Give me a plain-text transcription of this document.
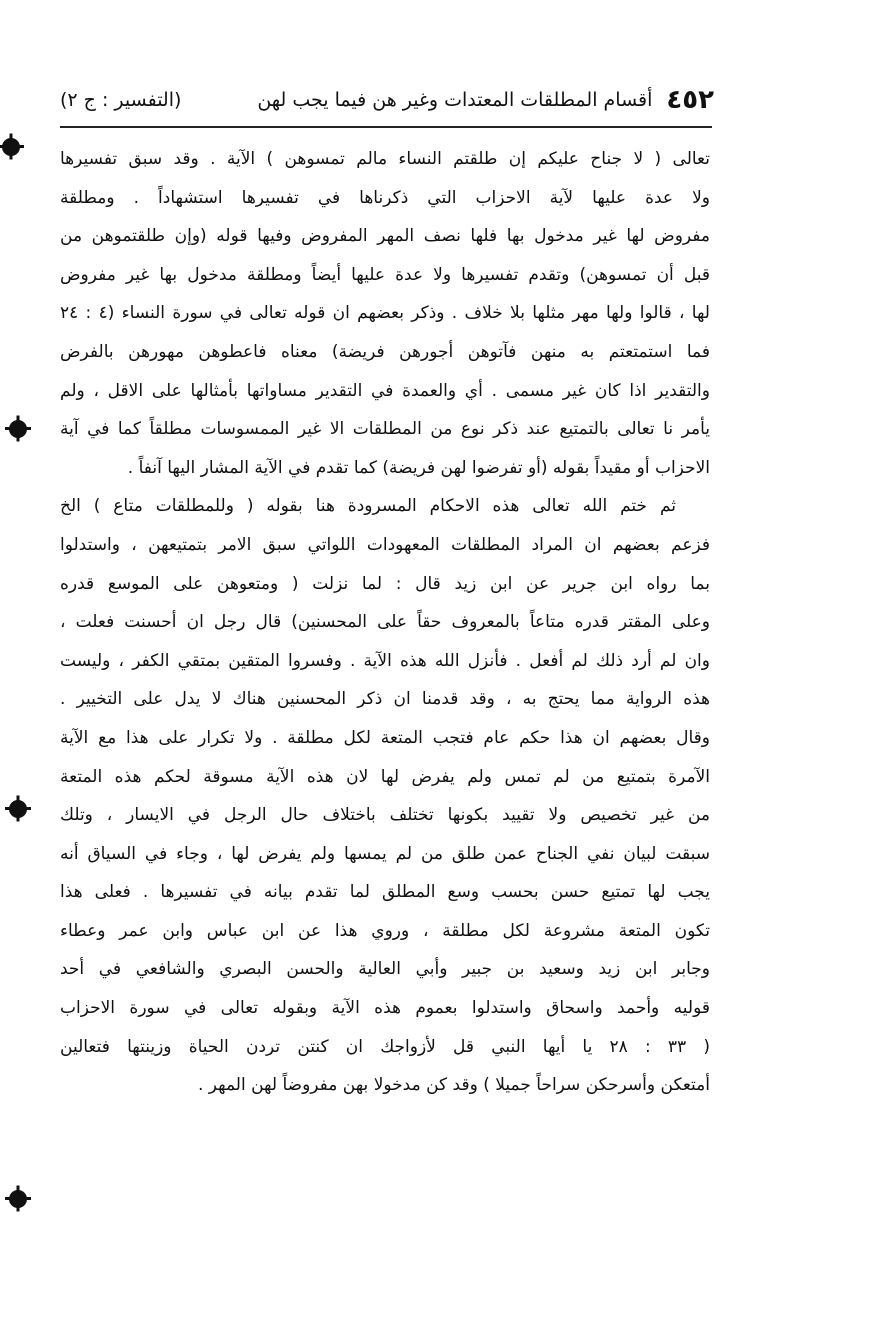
٤٥٢
أقسام المطلقات المعتدات وغير هن فيما يجب لهن
(التفسير : ج ٢)
تعالى ( لا جناح عليكم إن طلقتم النساء مالم تمسوهن ) الآية . وقد سبق تفسيرها
ولا عدة عليها لآية الاحزاب التي ذكرناها في تفسيرها استشهاداً . ومطلقة
مفروض لها غير مدخول بها فلها نصف المهر المفروض وفيها قوله (وإن طلقتموهن من
قبل أن تمسوهن) وتقدم تفسيرها ولا عدة عليها أيضاً ومطلقة مدخول بها غير مفروض
لها ، قالوا ولها مهر مثلها بلا خلاف . وذكر بعضهم ان قوله تعالى في سورة النساء (٤ : ٢٤
فما استمتعتم به منهن فآتوهن أجورهن فريضة) معناه فاعطوهن مهورهن بالفرض
والتقدير اذا كان غير مسمى . أي والعمدة في التقدير مساواتها بأمثالها على الاقل ، ولم
يأمر نا تعالى بالتمتيع عند ذكر نوع من المطلقات الا غير الممسوسات مطلقاً كما في آية
الاحزاب أو مقيداً بقوله (أو تفرضوا لهن فريضة) كما تقدم في الآية المشار اليها آنفاً .
ثم ختم الله تعالى هذه الاحكام المسرودة هنا بقوله ( وللمطلقات متاع ) الخ
فزعم بعضهم ان المراد المطلقات المعهودات اللواتي سبق الامر بتمتيعهن ، واستدلوا
بما رواه ابن جرير عن ابن زيد قال : لما نزلت ( ومتعوهن على الموسع قدره
وعلى المقتر قدره متاعاً بالمعروف حقاً على المحسنين) قال رجل ان أحسنت فعلت ،
وان لم أرد ذلك لم أفعل . فأنزل الله هذه الآية . وفسروا المتقين بمتقي الكفر ، وليست
هذه الرواية مما يحتج به ، وقد قدمنا ان ذكر المحسنين هناك لا يدل على التخيير .
وقال بعضهم ان هذا حكم عام فتجب المتعة لكل مطلقة . ولا تكرار على هذا مع الآية
الآمرة بتمتيع من لم تمس ولم يفرض لها لان هذه الآية مسوقة لحكم هذه المتعة
من غير تخصيص ولا تقييد بكونها تختلف باختلاف حال الرجل في الايسار ، وتلك
سبقت لبيان نفي الجناح عمن طلق من لم يمسها ولم يفرض لها ، وجاء في السياق أنه
يجب لها تمتيع حسن بحسب وسع المطلق لما تقدم بيانه في تفسيرها . فعلى هذا
تكون المتعة مشروعة لكل مطلقة ، وروي هذا عن ابن عباس وابن عمر وعطاء
وجابر ابن زيد وسعيد بن جبير وأبي العالية والحسن البصري والشافعي في أحد
قوليه وأحمد واسحاق واستدلوا بعموم هذه الآية وبقوله تعالى في سورة الاحزاب
( ٣٣ : ٢٨ يا أيها النبي قل لأزواجك ان كنتن تردن الحياة وزينتها فتعالين
أمتعكن وأسرحكن سراحاً جميلا ) وقد كن مدخولا بهن مفروضاً لهن المهر .
